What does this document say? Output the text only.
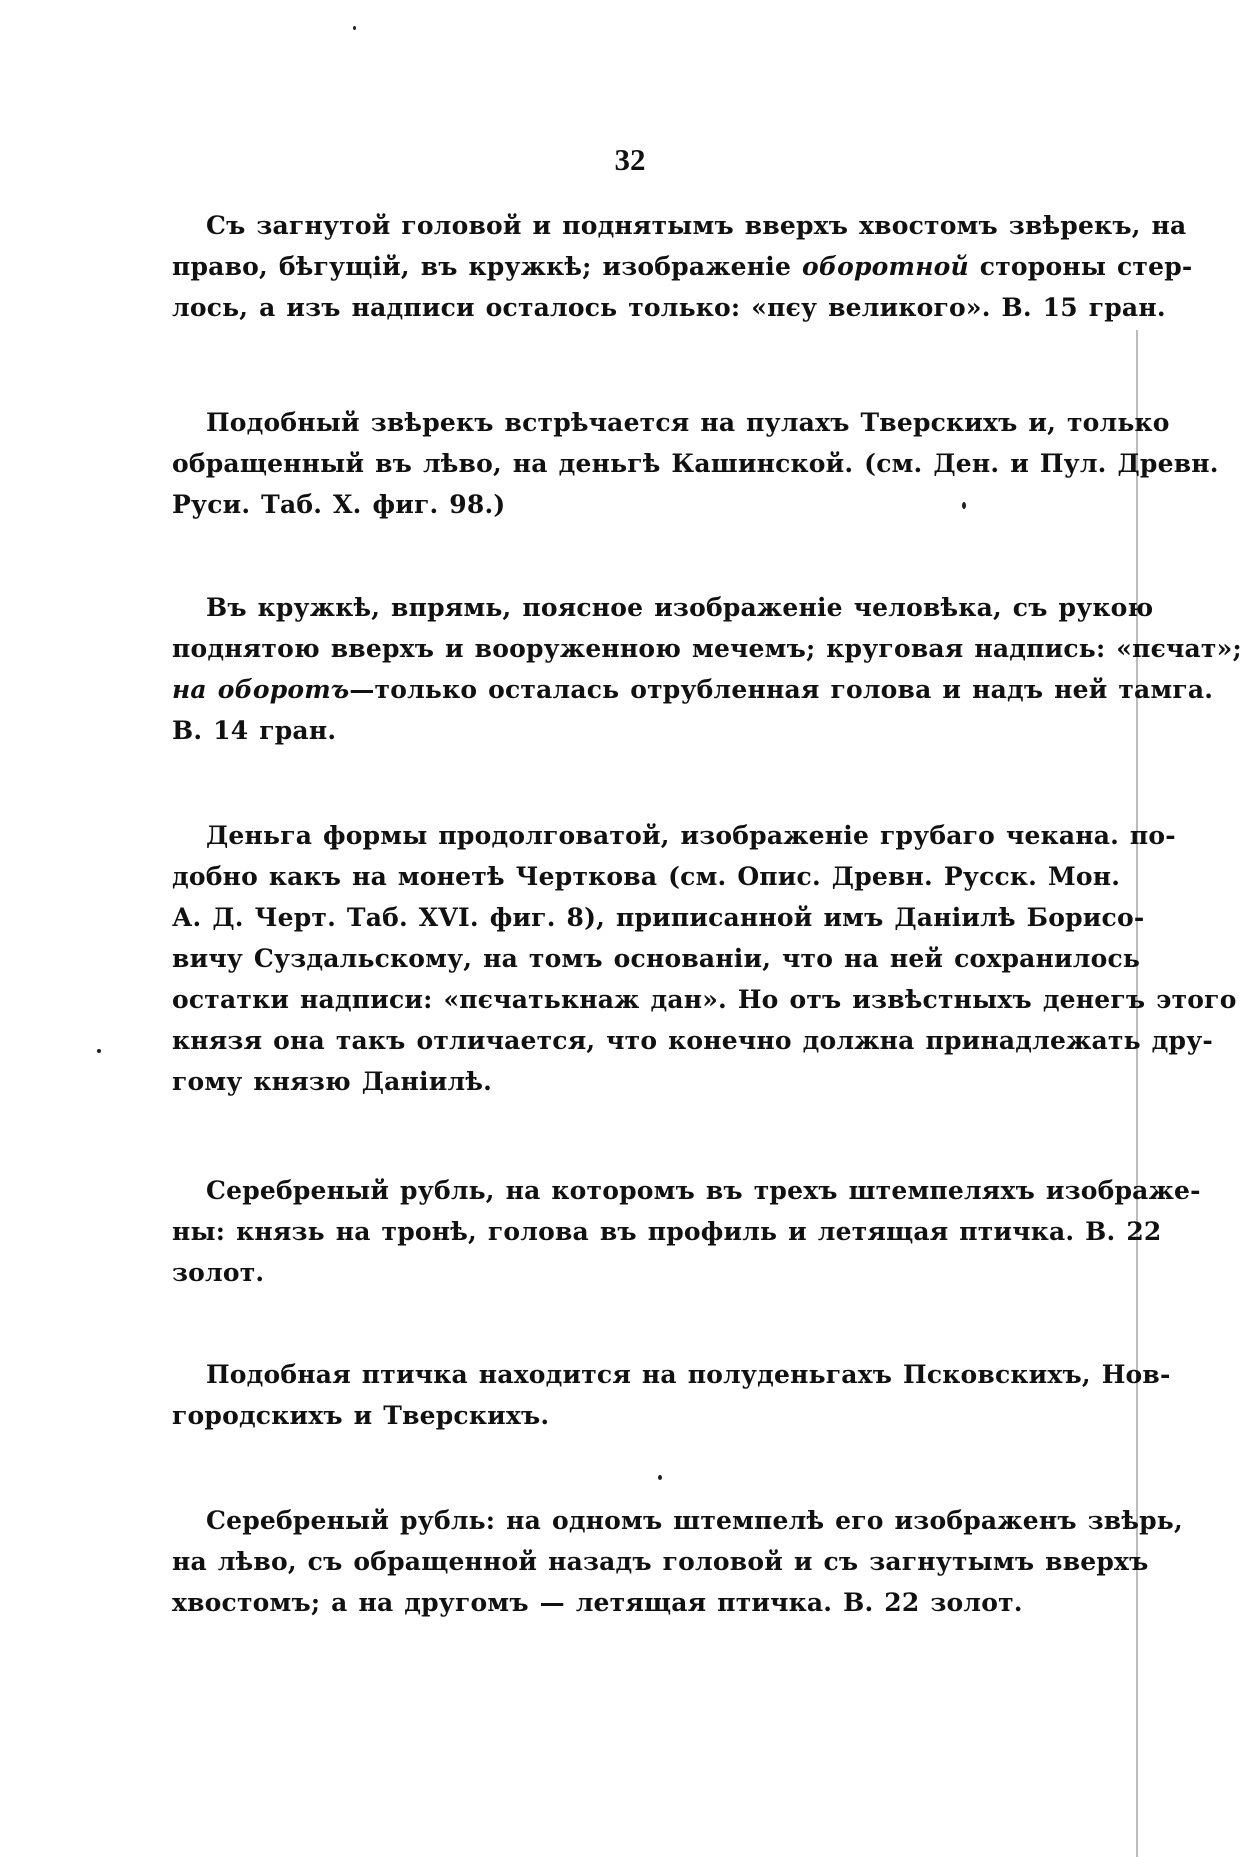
32
Съ загнутой головой и поднятымъ вверхъ хвостомъ звѣрекъ, на
право, бѣгущій, въ кружкѣ; изображеніе оборотной стороны стер-
лось, а изъ надписи осталось только: «пєу великого». В. 15 гран.
Подобный звѣрекъ встрѣчается на пулахъ Тверскихъ и, только
обращенный въ лѣво, на деньгѣ Кашинской. (см. Ден. и Пул. Древн.
Руси. Таб. X. фиг. 98.)
Въ кружкѣ, впрямь, поясное изображеніе человѣка, съ рукою
поднятою вверхъ и вооруженною мечемъ; круговая надпись: «пєчат»;
на оборотъ—только осталась отрубленная голова и надъ ней тамга.
В. 14 гран.
Деньга формы продолговатой, изображеніе грубаго чекана. по-
добно какъ на монетѣ Черткова (см. Опис. Древн. Русск. Мон.
А. Д. Черт. Таб. XVI. фиг. 8), приписанной имъ Даніилѣ Борисо-
вичу Суздальскому, на томъ основаніи, что на ней сохранилось
остатки надписи: «пєчатькнаж дан». Но отъ извѣстныхъ денегъ этого
князя она такъ отличается, что конечно должна принадлежать дру-
гому князю Даніилѣ.
Серебреный рубль, на которомъ въ трехъ штемпеляхъ изображе-
ны: князь на тронѣ, голова въ профиль и летящая птичка. В. 22
золот.
Подобная птичка находится на полуденьгахъ Псковскихъ, Нов-
городскихъ и Тверскихъ.
Серебреный рубль: на одномъ штемпелѣ его изображенъ звѣрь,
на лѣво, съ обращенной назадъ головой и съ загнутымъ вверхъ
хвостомъ; а на другомъ — летящая птичка. В. 22 золот.
